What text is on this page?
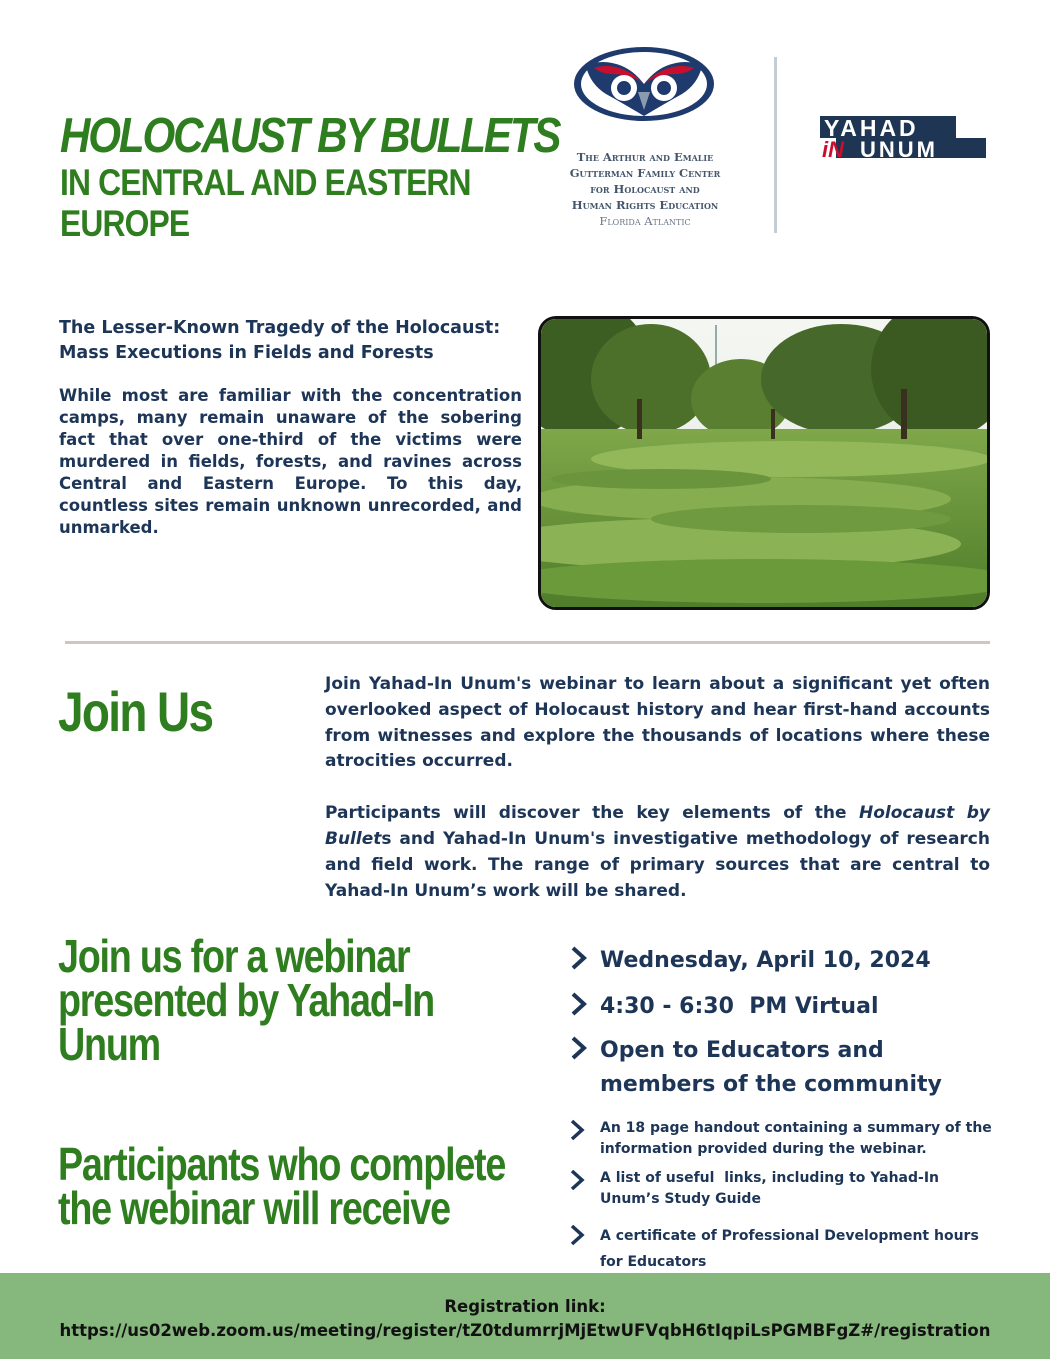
HOLOCAUST BY BULLETS
IN CENTRAL AND EASTERN EUROPE
The Arthur and Emalie
Gutterman Family Center
for Holocaust and
Human Rights Education
Florida Atlantic
YAHAD
iN UNUM
The Lesser-Known Tragedy of the Holocaust: Mass Executions in Fields and Forests
While most are familiar with the concentration camps, many remain unaware of the sobering fact that over one-third of the victims were murdered in fields, forests, and ravines across Central and Eastern Europe. To this day, countless sites remain unknown unrecorded, and unmarked.
Join Us	Join Yahad-In Unum's webinar to learn about a significant yet often overlooked aspect of Holocaust history and hear first-hand accounts from witnesses and explore the thousands of locations where these atrocities occurred.

Participants will discover the key elements of the Holocaust by Bullets and Yahad-In Unum's investigative methodology of research and field work. The range of primary sources that are central to Yahad-In Unum’s work will be shared.

Join us for a webinar presented by Yahad-In Unum
Wednesday, April 10, 2024
4:30 - 6:30  PM Virtual
Open to Educators and members of the community
Participants who complete the webinar will receive
An 18 page handout containing a summary of the information provided during the webinar.
A list of useful  links, including to Yahad-In Unum’s Study Guide
A certificate of Professional Development hours for Educators
Registration link:
https://us02web.zoom.us/meeting/register/tZ0tdumrrjMjEtwUFVqbH6tIqpiLsPGMBFgZ#/registration
